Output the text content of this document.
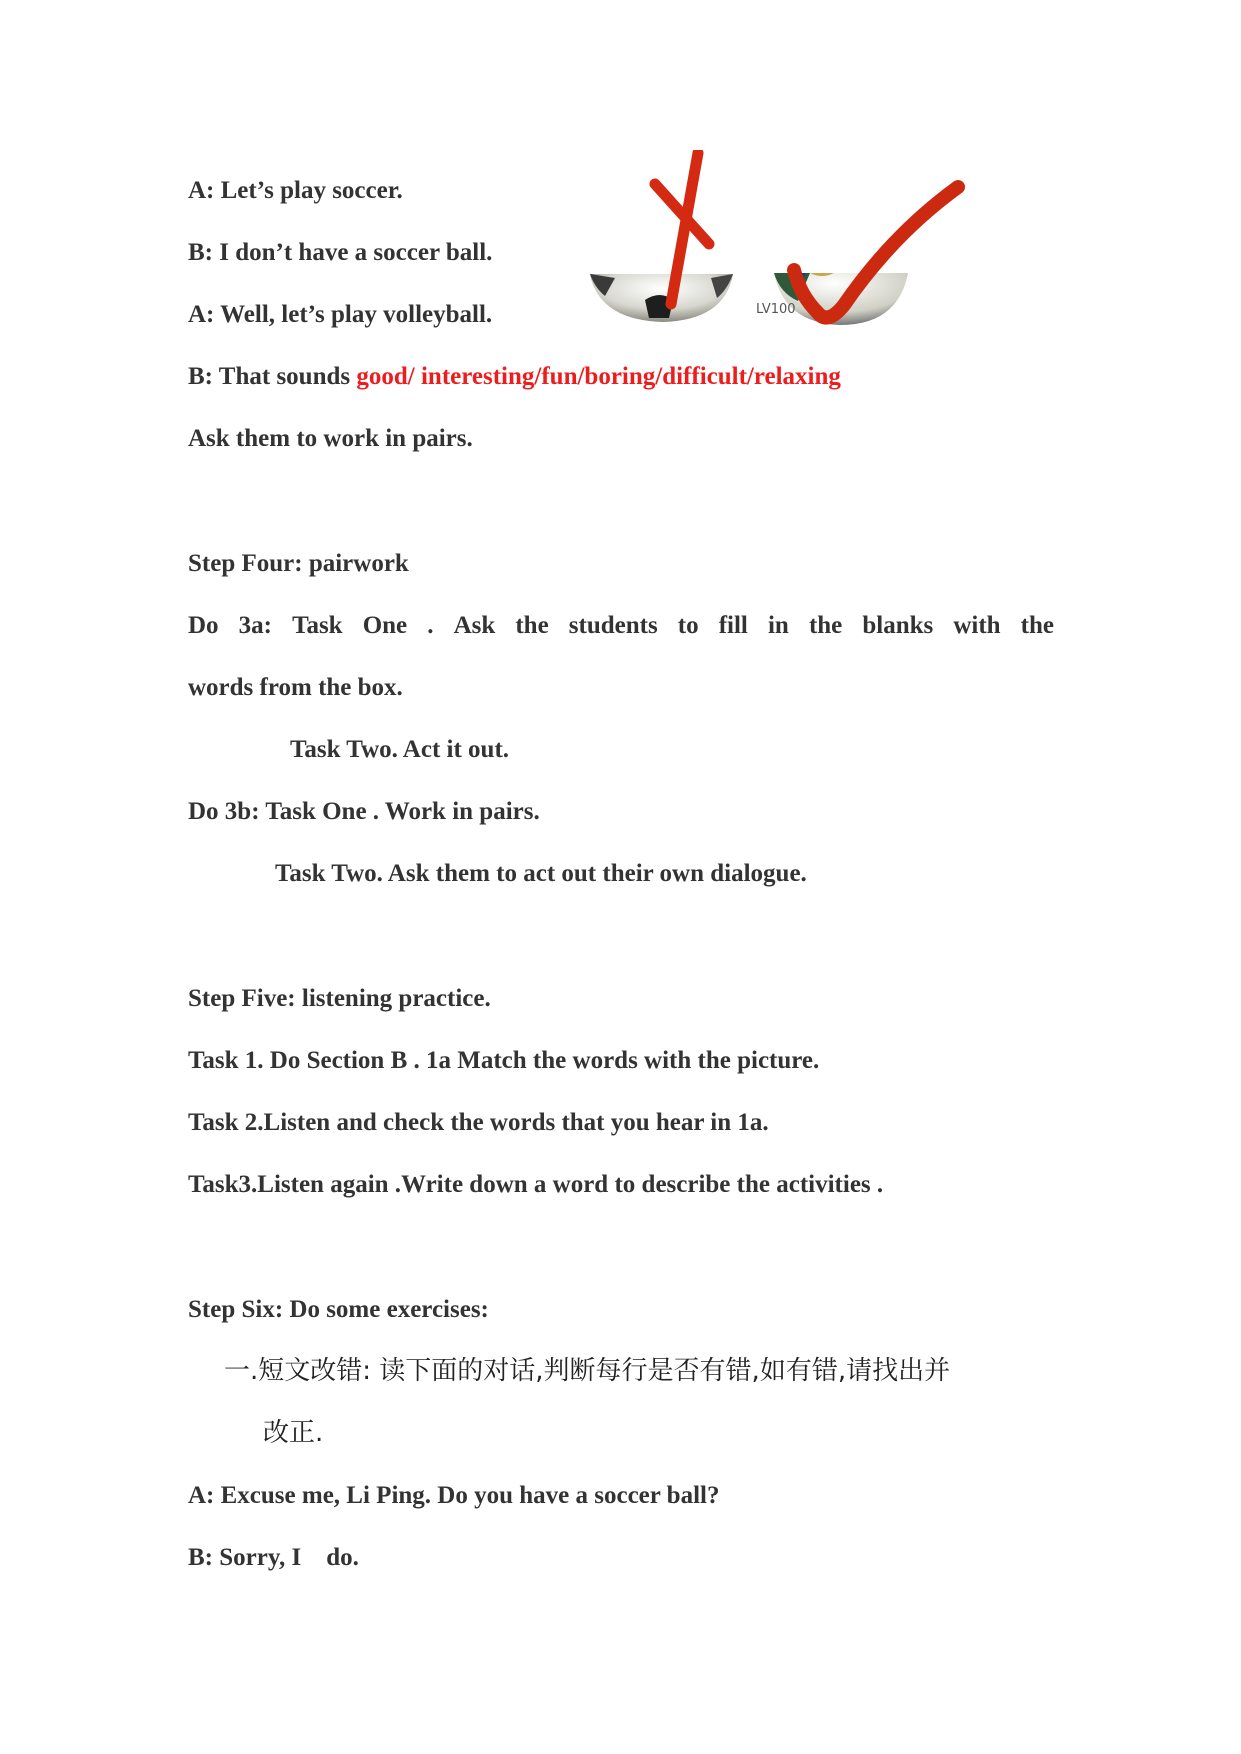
A: Let’s play soccer.
B: I don’t have a soccer ball.
A: Well, let’s play volleyball.
B: That sounds good/ interesting/fun/boring/difficult/relaxing
Ask them to work in pairs.
LV100
Step Four: pairwork
Do 3a: Task One . Ask the students to fill in the blanks with the
words from the box.
Task Two. Act it out.
Do 3b: Task One . Work in pairs.
Task Two. Ask them to act out their own dialogue.
Step Five: listening practice.
Task 1. Do Section B . 1a Match the words with the picture.
Task 2.Listen and check the words that you hear in 1a.
Task3.Listen again .Write down a word to describe the activities .
Step Six: Do some exercises:
一.短文改错: 读下面的对话,判断每行是否有错,如有错,请找出并
改正.
A: Excuse me, Li Ping. Do you have a soccer ball?
B: Sorry, I    do.
